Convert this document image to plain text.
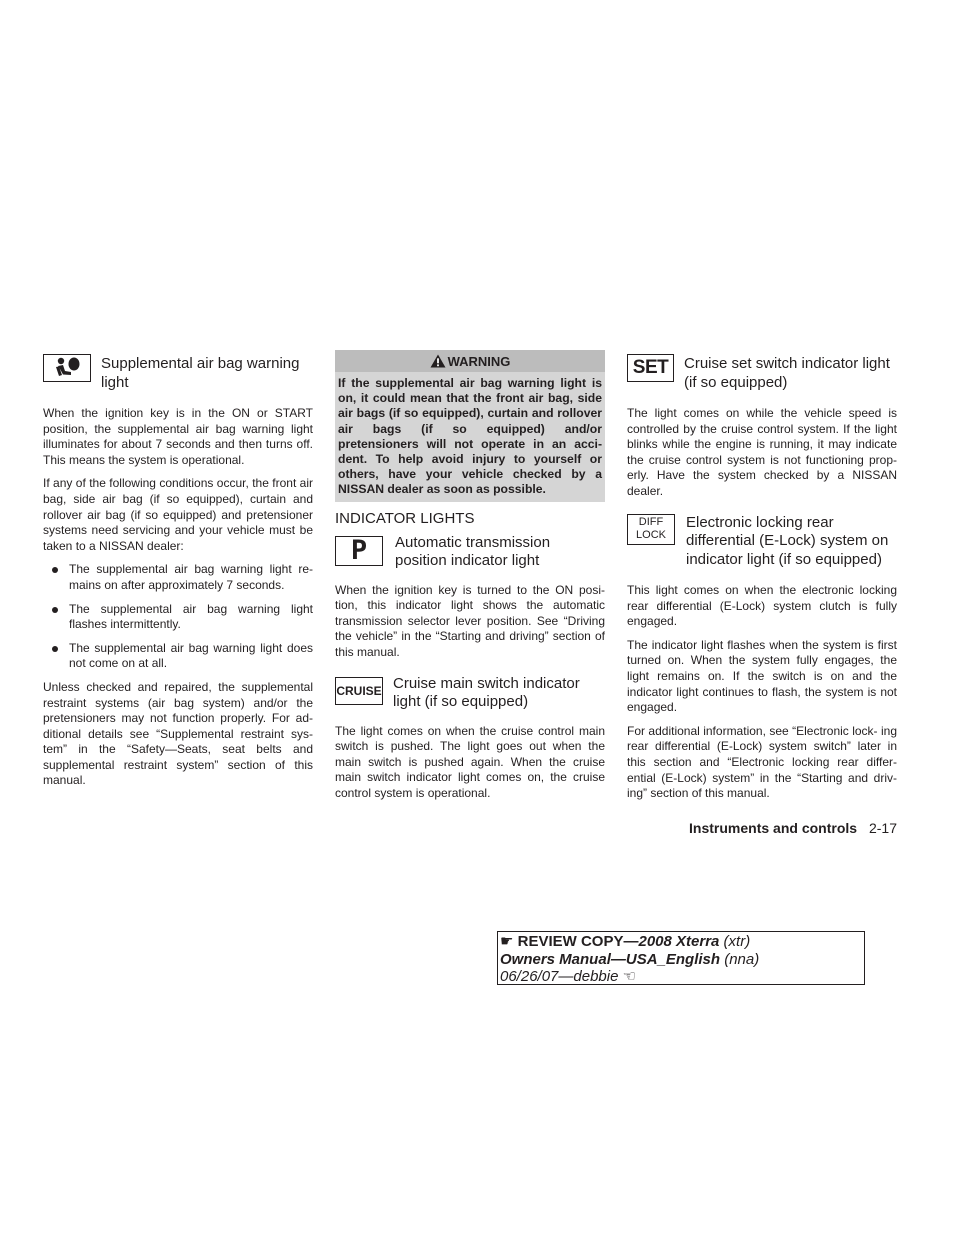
Supplemental air bag warning light

When the ignition key is in the ON or START position, the supplemental air bag warning light illuminates for about 7 seconds and then turns off. This means the system is operational.

If any of the following conditions occur, the front air bag, side air bag (if so equipped), curtain and rollover air bag (if so equipped) and pretensioner systems need servicing and your vehicle must be taken to a NISSAN dealer:

The supplemental air bag warning light re- mains on after approximately 7 seconds.
The supplemental air bag warning light flashes intermittently.
The supplemental air bag warning light does not come on at all.

Unless checked and repaired, the supplemental restraint systems (air bag system) and/or the pretensioners may not function properly. For ad- ditional details see “Supplemental restraint sys- tem” in the “Safety—Seats, seat belts and supplemental restraint system” section of this manual.

WARNING
If the supplemental air bag warning light is on, it could mean that the front air bag, side air bags (if so equipped), curtain and rollover air bags (if so equipped) and/or pretensioners will not operate in an acci- dent. To help avoid injury to yourself or others, have your vehicle checked by a NISSAN dealer as soon as possible.
INDICATOR LIGHTS
P	Automatic transmission position indicator light

When the ignition key is turned to the ON posi- tion, this indicator light shows the automatic transmission selector lever position. See “Driving the vehicle” in the “Starting and driving” section of this manual.

CRUISE Cruise main switch indicator light (if so equipped)

The light comes on when the cruise control main switch is pushed. The light goes out when the main switch is pushed again. When the cruise main switch indicator light comes on, the cruise control system is operational.

SET	Cruise set switch indicator light (if so equipped)

The light comes on while the vehicle speed is controlled by the cruise control system. If the light blinks while the engine is running, it may indicate the cruise control system is not functioning prop- erly. Have the system checked by a NISSAN dealer.

DIFF
LOCK
Electronic locking rear differential (E-Lock) system on indicator light (if so equipped)

This light comes on when the electronic locking rear differential (E-Lock) system clutch is fully engaged.

The indicator light flashes when the system is first turned on. When the system fully engages, the light remains on. If the switch is on and the indicator light continues to flash, the system is not engaged.

For additional information, see “Electronic lock- ing rear differential (E-Lock) system switch” later in this section and “Electronic locking rear differ- ential (E-Lock) system” in the “Starting and driv- ing” section of this manual.

Instruments and controls 2-17
☛ REVIEW COPY—2008 Xterra (xtr)
Owners Manual—USA_English (nna)
06/26/07—debbie ☜
